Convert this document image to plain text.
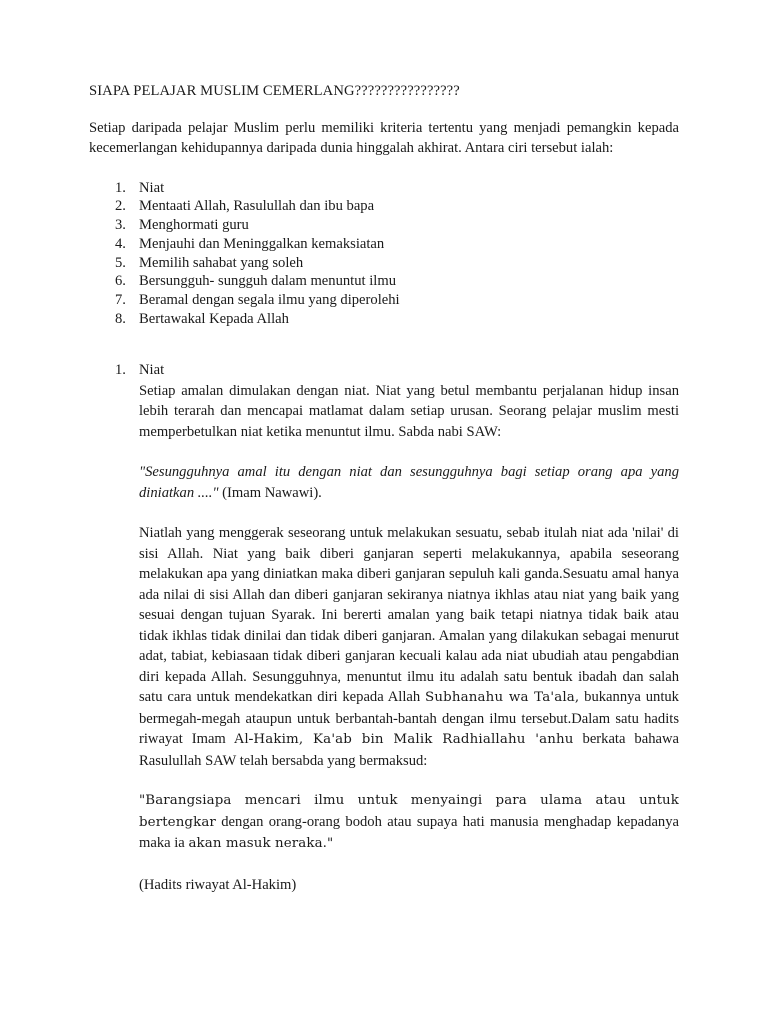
SIAPA PELAJAR MUSLIM CEMERLANG????????????????

Setiap daripada pelajar Muslim perlu memiliki kriteria tertentu yang menjadi pemangkin kepada kecemerlangan kehidupannya daripada dunia hinggalah akhirat. Antara ciri tersebut ialah:

1. Niat
2. Mentaati Allah, Rasulullah dan ibu bapa
3. Menghormati guru
4. Menjauhi dan Meninggalkan kemaksiatan
5. Memilih sahabat yang soleh
6. Bersungguh- sungguh dalam menuntut ilmu
7. Beramal dengan segala ilmu yang diperolehi
8. Bertawakal Kepada Allah
1. Niat

Setiap amalan dimulakan dengan niat. Niat yang betul membantu perjalanan hidup insan lebih terarah dan mencapai matlamat dalam setiap urusan. Seorang pelajar muslim mesti memperbetulkan niat ketika menuntut ilmu. Sabda nabi SAW:

"Sesungguhnya amal itu dengan niat dan sesungguhnya bagi setiap orang apa yang diniatkan ...." (Imam Nawawi).

Niatlah yang menggerak seseorang untuk melakukan sesuatu, sebab itulah niat ada 'nilai' di sisi Allah. Niat yang baik diberi ganjaran seperti melakukannya, apabila seseorang melakukan apa yang diniatkan maka diberi ganjaran sepuluh kali ganda.Sesuatu amal hanya ada nilai di sisi Allah dan diberi ganjaran sekiranya niatnya ikhlas atau niat yang baik yang sesuai dengan tujuan Syarak. Ini bererti amalan yang baik tetapi niatnya tidak baik atau tidak ikhlas tidak dinilai dan tidak diberi ganjaran. Amalan yang dilakukan sebagai menurut adat, tabiat, kebiasaan tidak diberi ganjaran kecuali kalau ada niat ubudiah atau pengabdian diri kepada Allah. Sesungguhnya, menuntut ilmu itu adalah satu bentuk ibadah dan salah satu cara untuk mendekatkan diri kepada Allah Subhanahu wa Ta'ala, bukannya untuk bermegah-megah ataupun untuk berbantah-bantah dengan ilmu tersebut.Dalam satu hadits riwayat Imam Al-Hakim, Ka'ab bin Malik Radhiallahu 'anhu berkata bahawa Rasulullah SAW telah bersabda yang bermaksud:

"Barangsiapa mencari ilmu untuk menyaingi para ulama atau untuk bertengkar dengan orang-orang bodoh atau supaya hati manusia menghadap kepadanya maka ia akan masuk neraka."

(Hadits riwayat Al-Hakim)
